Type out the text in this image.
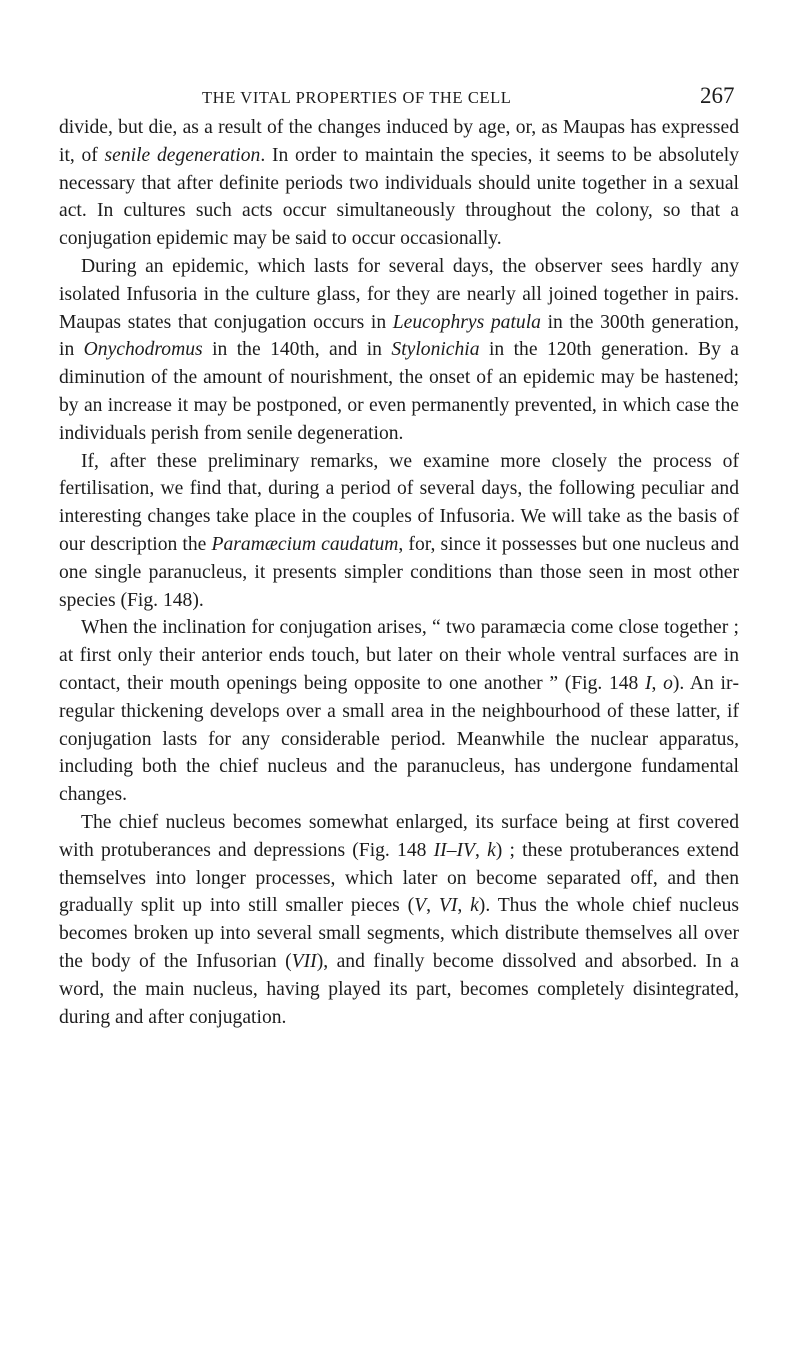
THE VITAL PROPERTIES OF THE CELL	267

divide, but die, as a result of the changes induced by age, or, as Maupas has expressed it, of senile degeneration. In order to maintain the species, it seems to be absolutely necessary that after definite periods two individuals should unite together in a sexual act. In cultures such acts occur simultaneously throughout the colony, so that a conjugation epidemic may be said to occur occasionally.

During an epidemic, which lasts for several days, the observer sees hardly any isolated Infusoria in the culture glass, for they are nearly all joined together in pairs. Maupas states that conjugation occurs in Leucophrys patula in the 300th generation, in Onychodromus in the 140th, and in Stylonichia in the 120th generation. By a diminution of the amount of nourishment, the onset of an epidemic may be hastened; by an increase it may be postponed, or even permanently prevented, in which case the individuals perish from senile degeneration.

If, after these preliminary remarks, we examine more closely the process of fertilisation, we find that, during a period of several days, the following peculiar and interesting changes take place in the couples of Infusoria. We will take as the basis of our description the Paramæcium caudatum, for, since it possesses but one nucleus and one single paranucleus, it presents simpler conditions than those seen in most other species (Fig. 148).

When the inclination for conjugation arises, “ two paramæcia come close together ; at first only their anterior ends touch, but later on their whole ventral surfaces are in contact, their mouth openings being opposite to one another ” (Fig. 148 I, o). An irregular thickening develops over a small area in the neighbourhood of these latter, if conjugation lasts for any considerable period. Meanwhile the nuclear apparatus, including both the chief nucleus and the paranucleus, has undergone fundamental changes.

The chief nucleus becomes somewhat enlarged, its surface being at first covered with protuberances and depressions (Fig. 148 II–IV, k) ; these protuberances extend themselves into longer processes, which later on become separated off, and then gradually split up into still smaller pieces (V, VI, k). Thus the whole chief nucleus becomes broken up into several small segments, which distribute themselves all over the body of the Infusorian (VII), and finally become dissolved and absorbed. In a word, the main nucleus, having played its part, becomes completely disintegrated, during and after conjugation.
